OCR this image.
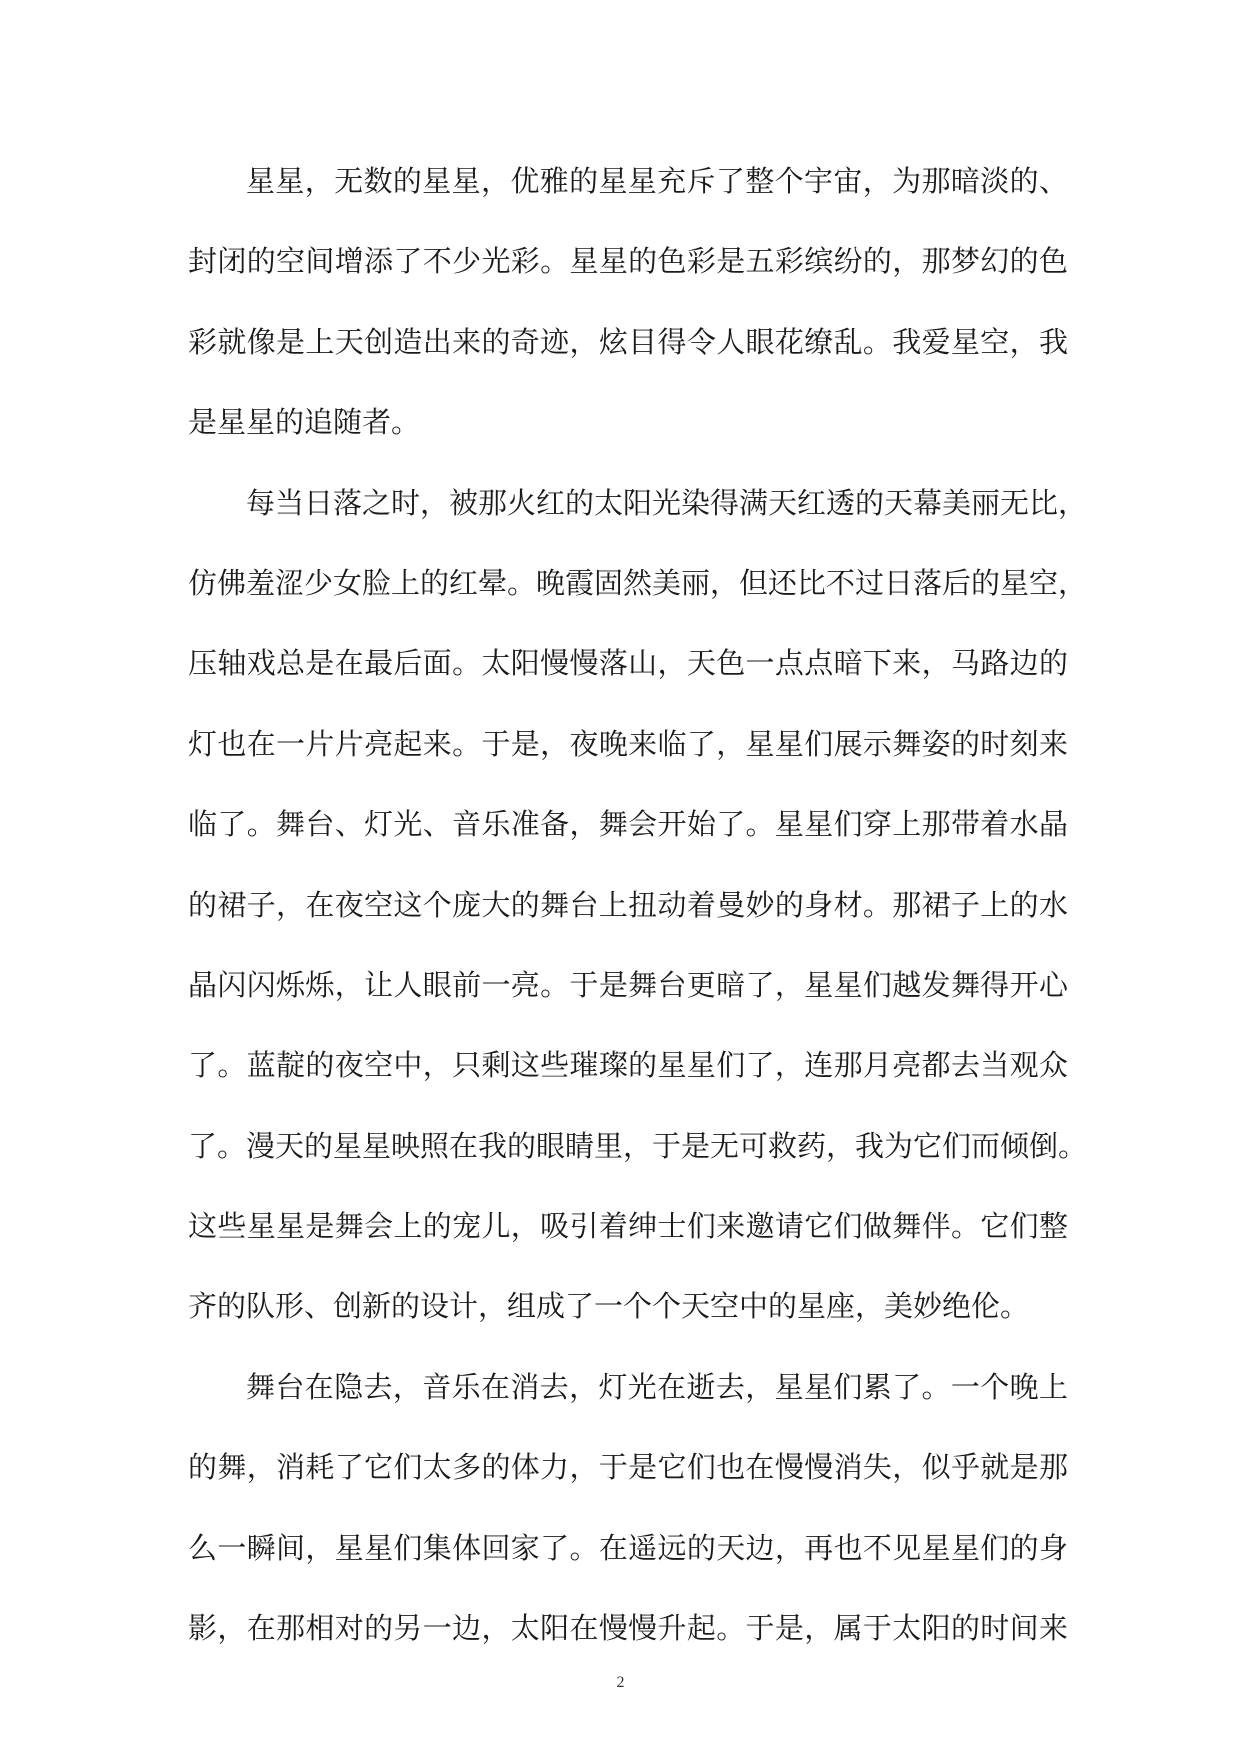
星星，无数的星星，优雅的星星充斥了整个宇宙，为那暗淡的、
封闭的空间增添了不少光彩。星星的色彩是五彩缤纷的，那梦幻的色
彩就像是上天创造出来的奇迹，炫目得令人眼花缭乱。我爱星空，我
是星星的追随者。
每当日落之时，被那火红的太阳光染得满天红透的天幕美丽无比，
仿佛羞涩少女脸上的红晕。晚霞固然美丽，但还比不过日落后的星空，
压轴戏总是在最后面。太阳慢慢落山，天色一点点暗下来，马路边的
灯也在一片片亮起来。于是，夜晚来临了，星星们展示舞姿的时刻来
临了。舞台、灯光、音乐准备，舞会开始了。星星们穿上那带着水晶
的裙子，在夜空这个庞大的舞台上扭动着曼妙的身材。那裙子上的水
晶闪闪烁烁，让人眼前一亮。于是舞台更暗了，星星们越发舞得开心
了。蓝靛的夜空中，只剩这些璀璨的星星们了，连那月亮都去当观众
了。漫天的星星映照在我的眼睛里，于是无可救药，我为它们而倾倒。
这些星星是舞会上的宠儿，吸引着绅士们来邀请它们做舞伴。它们整
齐的队形、创新的设计，组成了一个个天空中的星座，美妙绝伦。
舞台在隐去，音乐在消去，灯光在逝去，星星们累了。一个晚上
的舞，消耗了它们太多的体力，于是它们也在慢慢消失，似乎就是那
么一瞬间，星星们集体回家了。在遥远的天边，再也不见星星们的身
影，在那相对的另一边，太阳在慢慢升起。于是，属于太阳的时间来
2
